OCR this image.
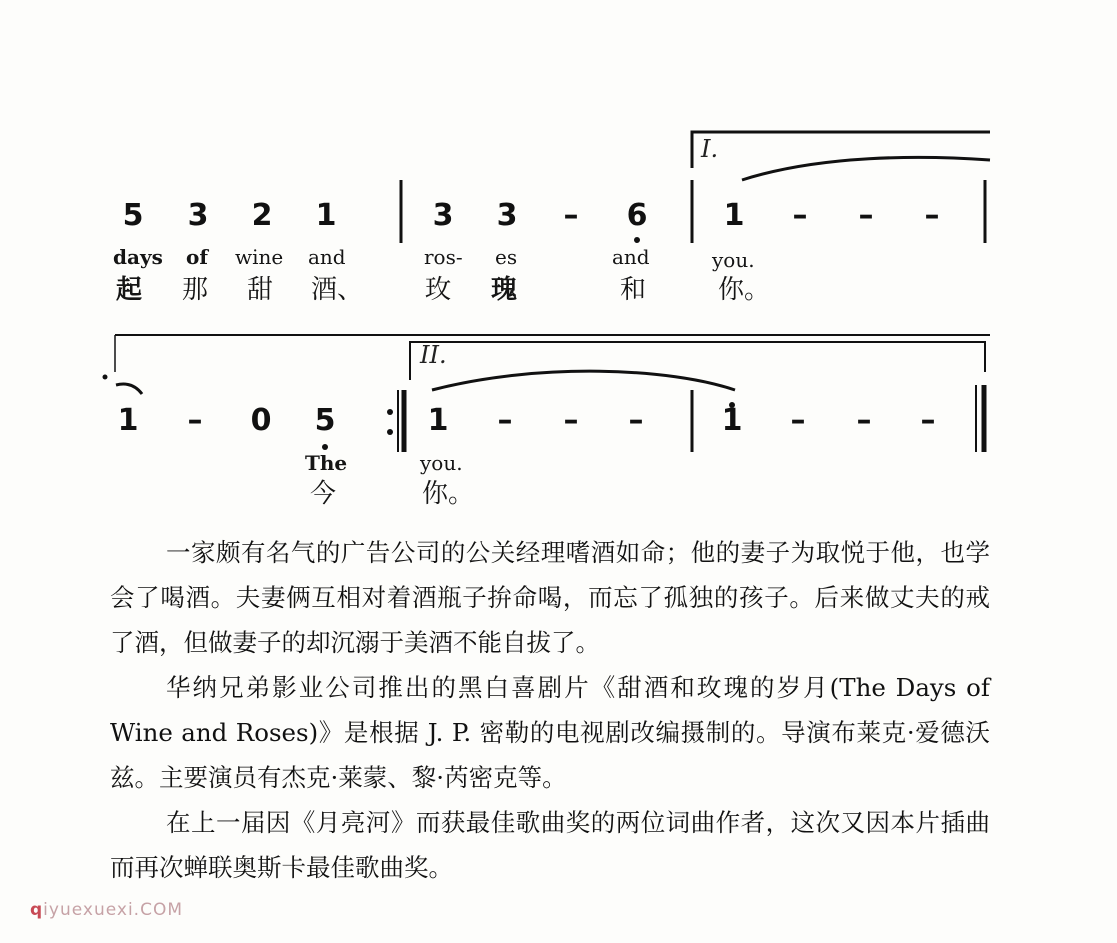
I.
II.
5 3 2 1	3 3 – 6	1 – – –
days of wine and	ros- es	and	you.
起 那 甜 酒、 玫 瑰	和	你。
1 – 0 5	1 – – –	1 – – –
The	you.
今	你。

一家颇有名气的广告公司的公关经理嗜酒如命；他的妻子为取悦于他，也学会了喝酒。夫妻俩互相对着酒瓶子拚命喝，而忘了孤独的孩子。后来做丈夫的戒了酒，但做妻子的却沉溺于美酒不能自拔了。

华纳兄弟影业公司推出的黑白喜剧片《甜酒和玫瑰的岁月(The Days of Wine and Roses)》是根据 J. P. 密勒的电视剧改编摄制的。导演布莱克·爱德沃兹。主要演员有杰克·莱蒙、黎·芮密克等。

在上一届因《月亮河》而获最佳歌曲奖的两位词曲作者，这次又因本片插曲而再次蝉联奥斯卡最佳歌曲奖。

qiyuexuexi.COM
